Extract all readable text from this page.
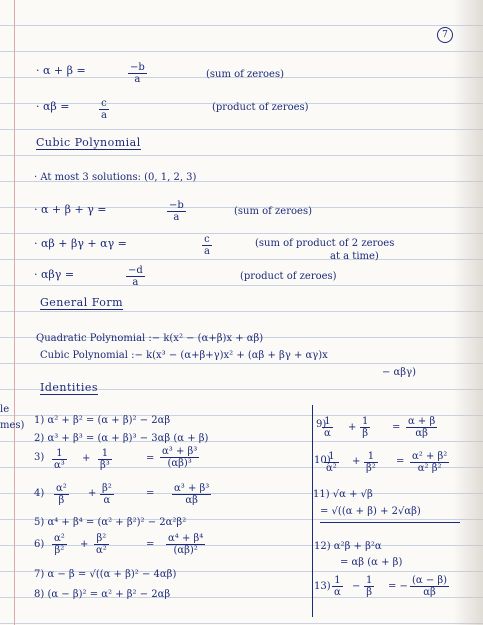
7
· α + β =	$\frac{-b}{a}$	(sum of zeroes)
· αβ =	$\frac{c}{a}$	(product of zeroes)
Cubic Polynomial
· At most 3 solutions: (0, 1, 2, 3)
· α + β + γ =	$\frac{-b}{a}$	(sum of zeroes)
· αβ + βγ + αγ =	$\frac{c}{a}$	(sum of product of 2 zeroes
at a time)
· αβγ =	$\frac{-d}{a}$	(product of zeroes)
General Form
Quadratic Polynomial :− k(x² − (α+β)x + αβ)
Cubic Polynomial :− k(x³ − (α+β+γ)x² + (αβ + βγ + αγ)x
− αβγ)
Identities
le
mes) 1) α² + β² = (α + β)² − 2αβ
2) α³ + β³ = (α + β)³ − 3αβ (α + β)
$3) \frac{1}{\text{α³}} + \frac{1}{\text{β³}}$	= $\frac{\text{α³ + β³}}{\text{(αβ)³}}$
$4) \frac{\text{α²}}{\beta} + \frac{\text{β²}}{\alpha}$	= $\frac{\text{α³ + β³}}{\alpha\beta}$
5) α⁴ + β⁴ = (α² + β²)² − 2α²β²
$6) \frac{\text{α²}}{\text{β²}} + \frac{\text{β²}}{\text{α²}}$	= $\frac{\text{α⁴ + β⁴}}{\text{(αβ)²}}$
7) α − β = √((α + β)² − 4αβ)
8) (α − β)² = α² + β² − 2αβ
9)
$\frac{1}{\alpha} + \frac{1}{\beta} = \frac{\alpha + \beta}{\alpha\beta}$
10)
$\frac{1}{\text{α²}} + \frac{1}{\text{β²}} = \frac{\text{α² + β²}}{\text{α² β²}}$
11) √α + √β
= √((α + β) + 2√αβ)
12) α²β + β²α
= αβ (α + β)
$13) \frac{1}{\alpha} - \frac{1}{\beta}$ = − $\frac{(\alpha - \beta)}{\alpha\beta}$
